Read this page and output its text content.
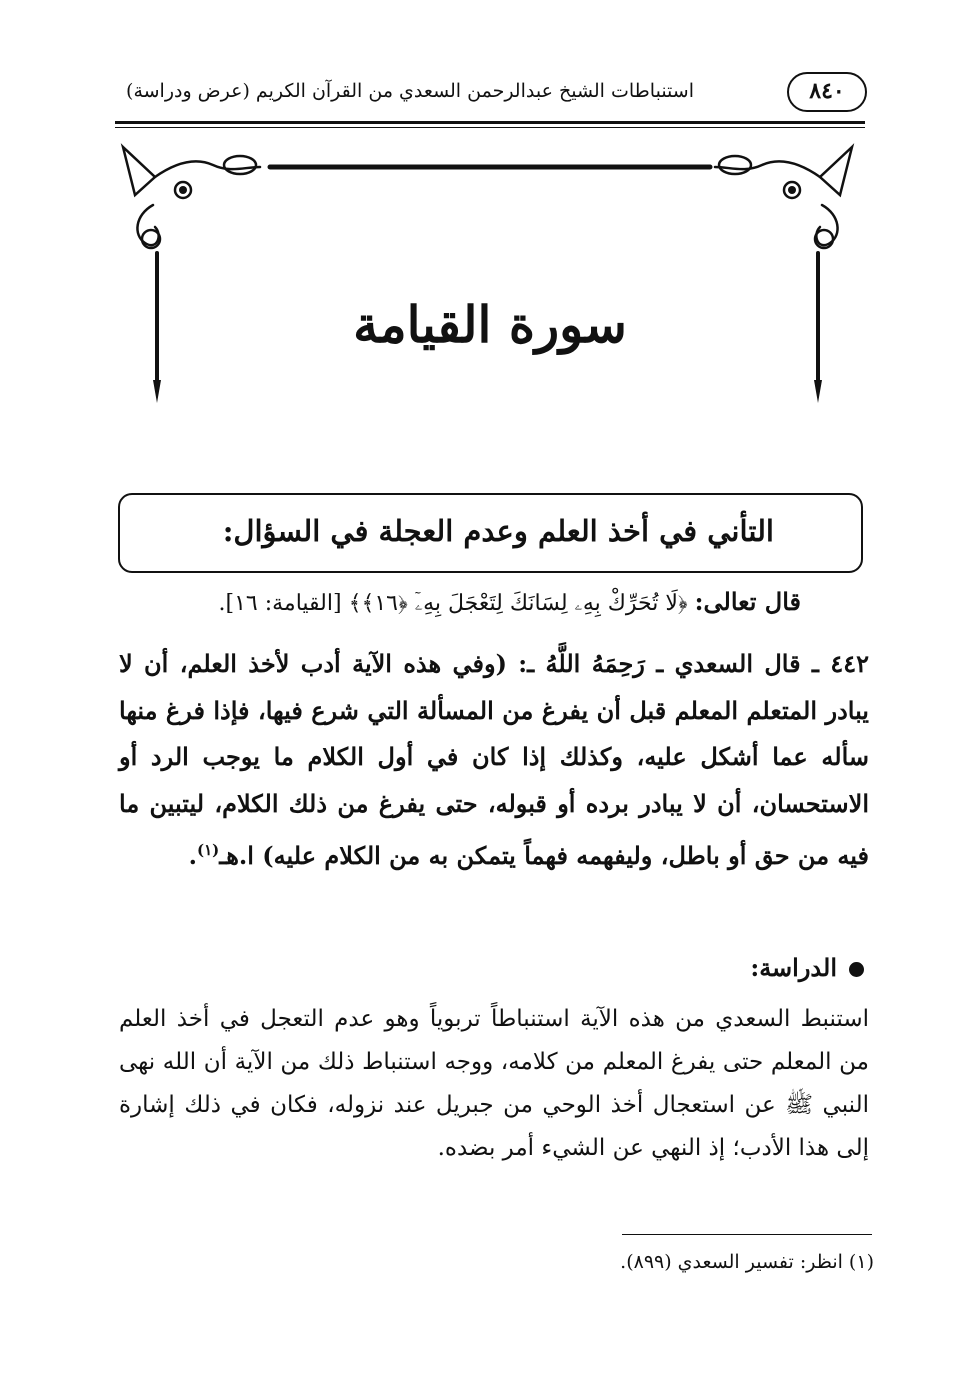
٨٤٠
استنباطات الشيخ عبدالرحمن السعدي من القرآن الكريم (عرض ودراسة)
سورة القيامة
التأني في أخذ العلم وعدم العجلة في السؤال:
قال تعالى: ﴿لَا تُحَرِّكْ بِهِۦ لِسَانَكَ لِتَعْجَلَ بِهِۦٓ ﴿١٦﴾﴾ [القيامة: ١٦].
٤٤٢ ـ قال السعدي ـ رَحِمَهُ اللَّهُ ـ: (وفي هذه الآية أدب لأخذ العلم، أن لا يبادر المتعلم المعلم قبل أن يفرغ من المسألة التي شرع فيها، فإذا فرغ منها سأله عما أشكل عليه، وكذلك إذا كان في أول الكلام ما يوجب الرد أو الاستحسان، أن لا يبادر برده أو قبوله، حتى يفرغ من ذلك الكلام، ليتبين ما فيه من حق أو باطل، وليفهمه فهماً يتمكن به من الكلام عليه) ا.هـ$^{(١)}$.
الدراسة:
استنبط السعدي من هذه الآية استنباطاً تربوياً وهو عدم التعجل في أخذ العلم من المعلم حتى يفرغ المعلم من كلامه، ووجه استنباط ذلك من الآية أن الله نهى النبي ﷺ عن استعجال أخذ الوحي من جبريل عند نزوله، فكان في ذلك إشارة إلى هذا الأدب؛ إذ النهي عن الشيء أمر بضده.
(١) انظر: تفسير السعدي (٨٩٩).
